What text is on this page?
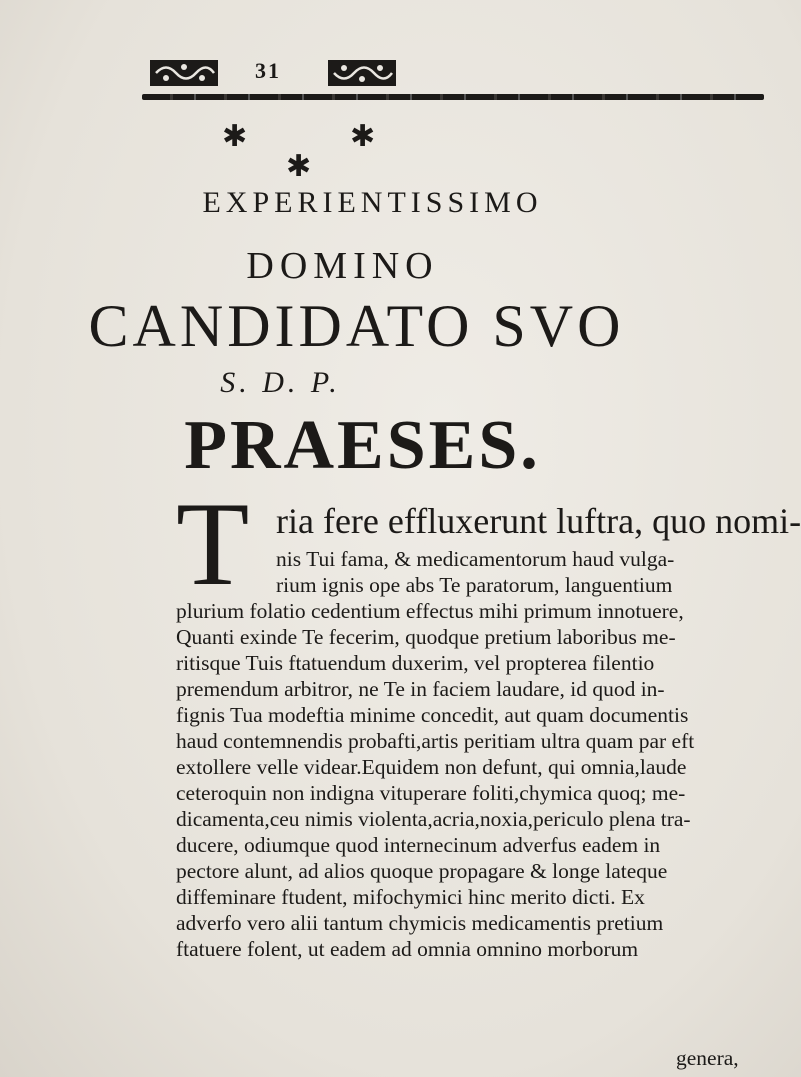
31
✱	✱
✱
EXPERIENTISSIMO
DOMINO
CANDIDATO SVO
S. D. P.
PRAESES.
T ria fere effluxerunt luftra, quo nomi-
nis Tui fama, & medicamentorum haud vulga-
rium ignis ope abs Te paratorum, languentium
plurium folatio cedentium effectus mihi primum innotuere,
Quanti exinde Te fecerim, quodque pretium laboribus me-
ritisque Tuis ftatuendum duxerim, vel propterea filentio
premendum arbitror, ne Te in faciem laudare, id quod in-
fignis Tua modeftia minime concedit, aut quam documentis
haud contemnendis probafti,artis peritiam ultra quam par eft
extollere velle videar.Equidem non defunt, qui omnia,laude
ceteroquin non indigna vituperare foliti,chymica quoq; me-
dicamenta,ceu nimis violenta,acria,noxia,periculo plena tra-
ducere, odiumque quod internecinum adverfus eadem in
pectore alunt, ad alios quoque propagare & longe lateque
diffeminare ftudent, mifochymici hinc merito dicti. Ex
adverfo vero alii tantum chymicis medicamentis pretium
ftatuere folent, ut eadem ad omnia omnino morborum
genera,
